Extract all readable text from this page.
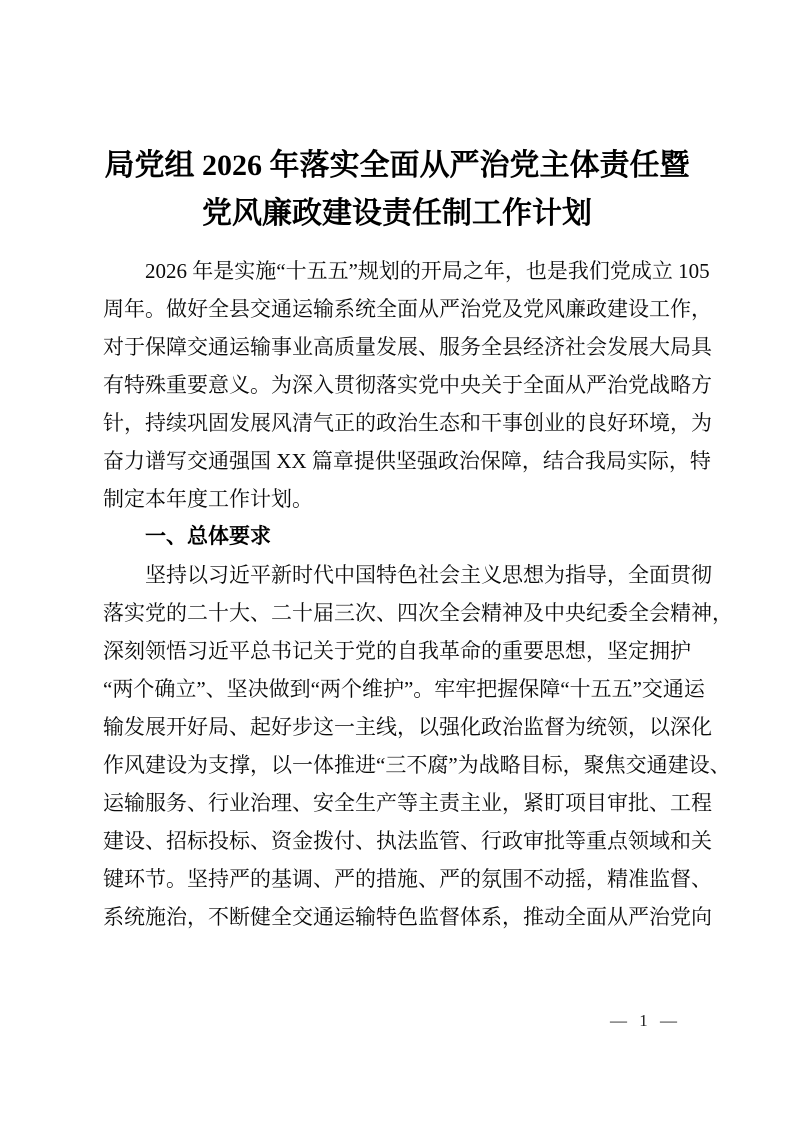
局党组 2026 年落实全面从严治党主体责任暨
党风廉政建设责任制工作计划
2026 年是实施“十五五”规划的开局之年，也是我们党成立 105
周年。做好全县交通运输系统全面从严治党及党风廉政建设工作，
对于保障交通运输事业高质量发展、服务全县经济社会发展大局具
有特殊重要意义。为深入贯彻落实党中央关于全面从严治党战略方
针，持续巩固发展风清气正的政治生态和干事创业的良好环境，为
奋力谱写交通强国 XX 篇章提供坚强政治保障，结合我局实际，特
制定本年度工作计划。
一、总体要求
坚持以习近平新时代中国特色社会主义思想为指导，全面贯彻
落实党的二十大、二十届三次、四次全会精神及中央纪委全会精神，
深刻领悟习近平总书记关于党的自我革命的重要思想，坚定拥护
“两个确立”、坚决做到“两个维护”。牢牢把握保障“十五五”交通运
输发展开好局、起好步这一主线，以强化政治监督为统领，以深化
作风建设为支撑，以一体推进“三不腐”为战略目标，聚焦交通建设、
运输服务、行业治理、安全生产等主责主业，紧盯项目审批、工程
建设、招标投标、资金拨付、执法监管、行政审批等重点领域和关
键环节。坚持严的基调、严的措施、严的氛围不动摇，精准监督、
系统施治，不断健全交通运输特色监督体系，推动全面从严治党向
— 1 —
